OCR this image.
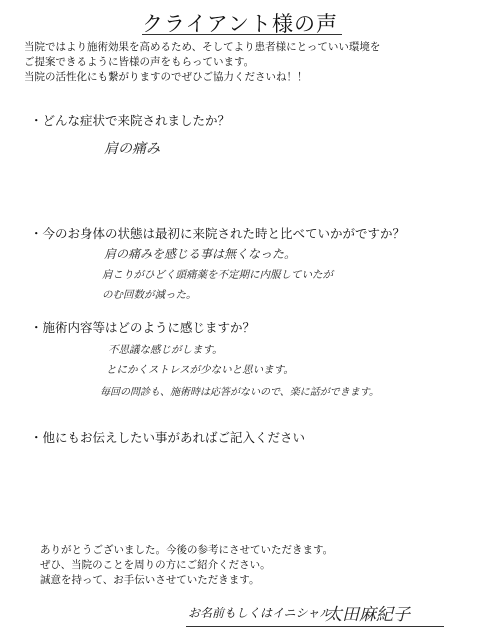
クライアント様の声
当院ではより施術効果を高めるため、そしてより患者様にとっていい環境を
ご提案できるように皆様の声をもらっています。
当院の活性化にも繋がりますのでぜひご協力くださいね！！
・どんな症状で来院されましたか？
肩の痛み
・今のお身体の状態は最初に来院された時と比べていかがですか？
肩の痛みを感じる事は無くなった。
肩こりがひどく頭痛薬を不定期に内服していたが
のむ回数が減った。
・施術内容等はどのように感じますか？
不思議な感じがします。
とにかくストレスが少ないと思います。
毎回の問診も、施術時は応答がないので、楽に話ができます。
・他にもお伝えしたい事があればご記入ください
ありがとうございました。今後の参考にさせていただきます。
ぜひ、当院のことを周りの方にご紹介ください。
誠意を持って、お手伝いさせていただきます。
お名前もしくはイニシャル
太田麻紀子
